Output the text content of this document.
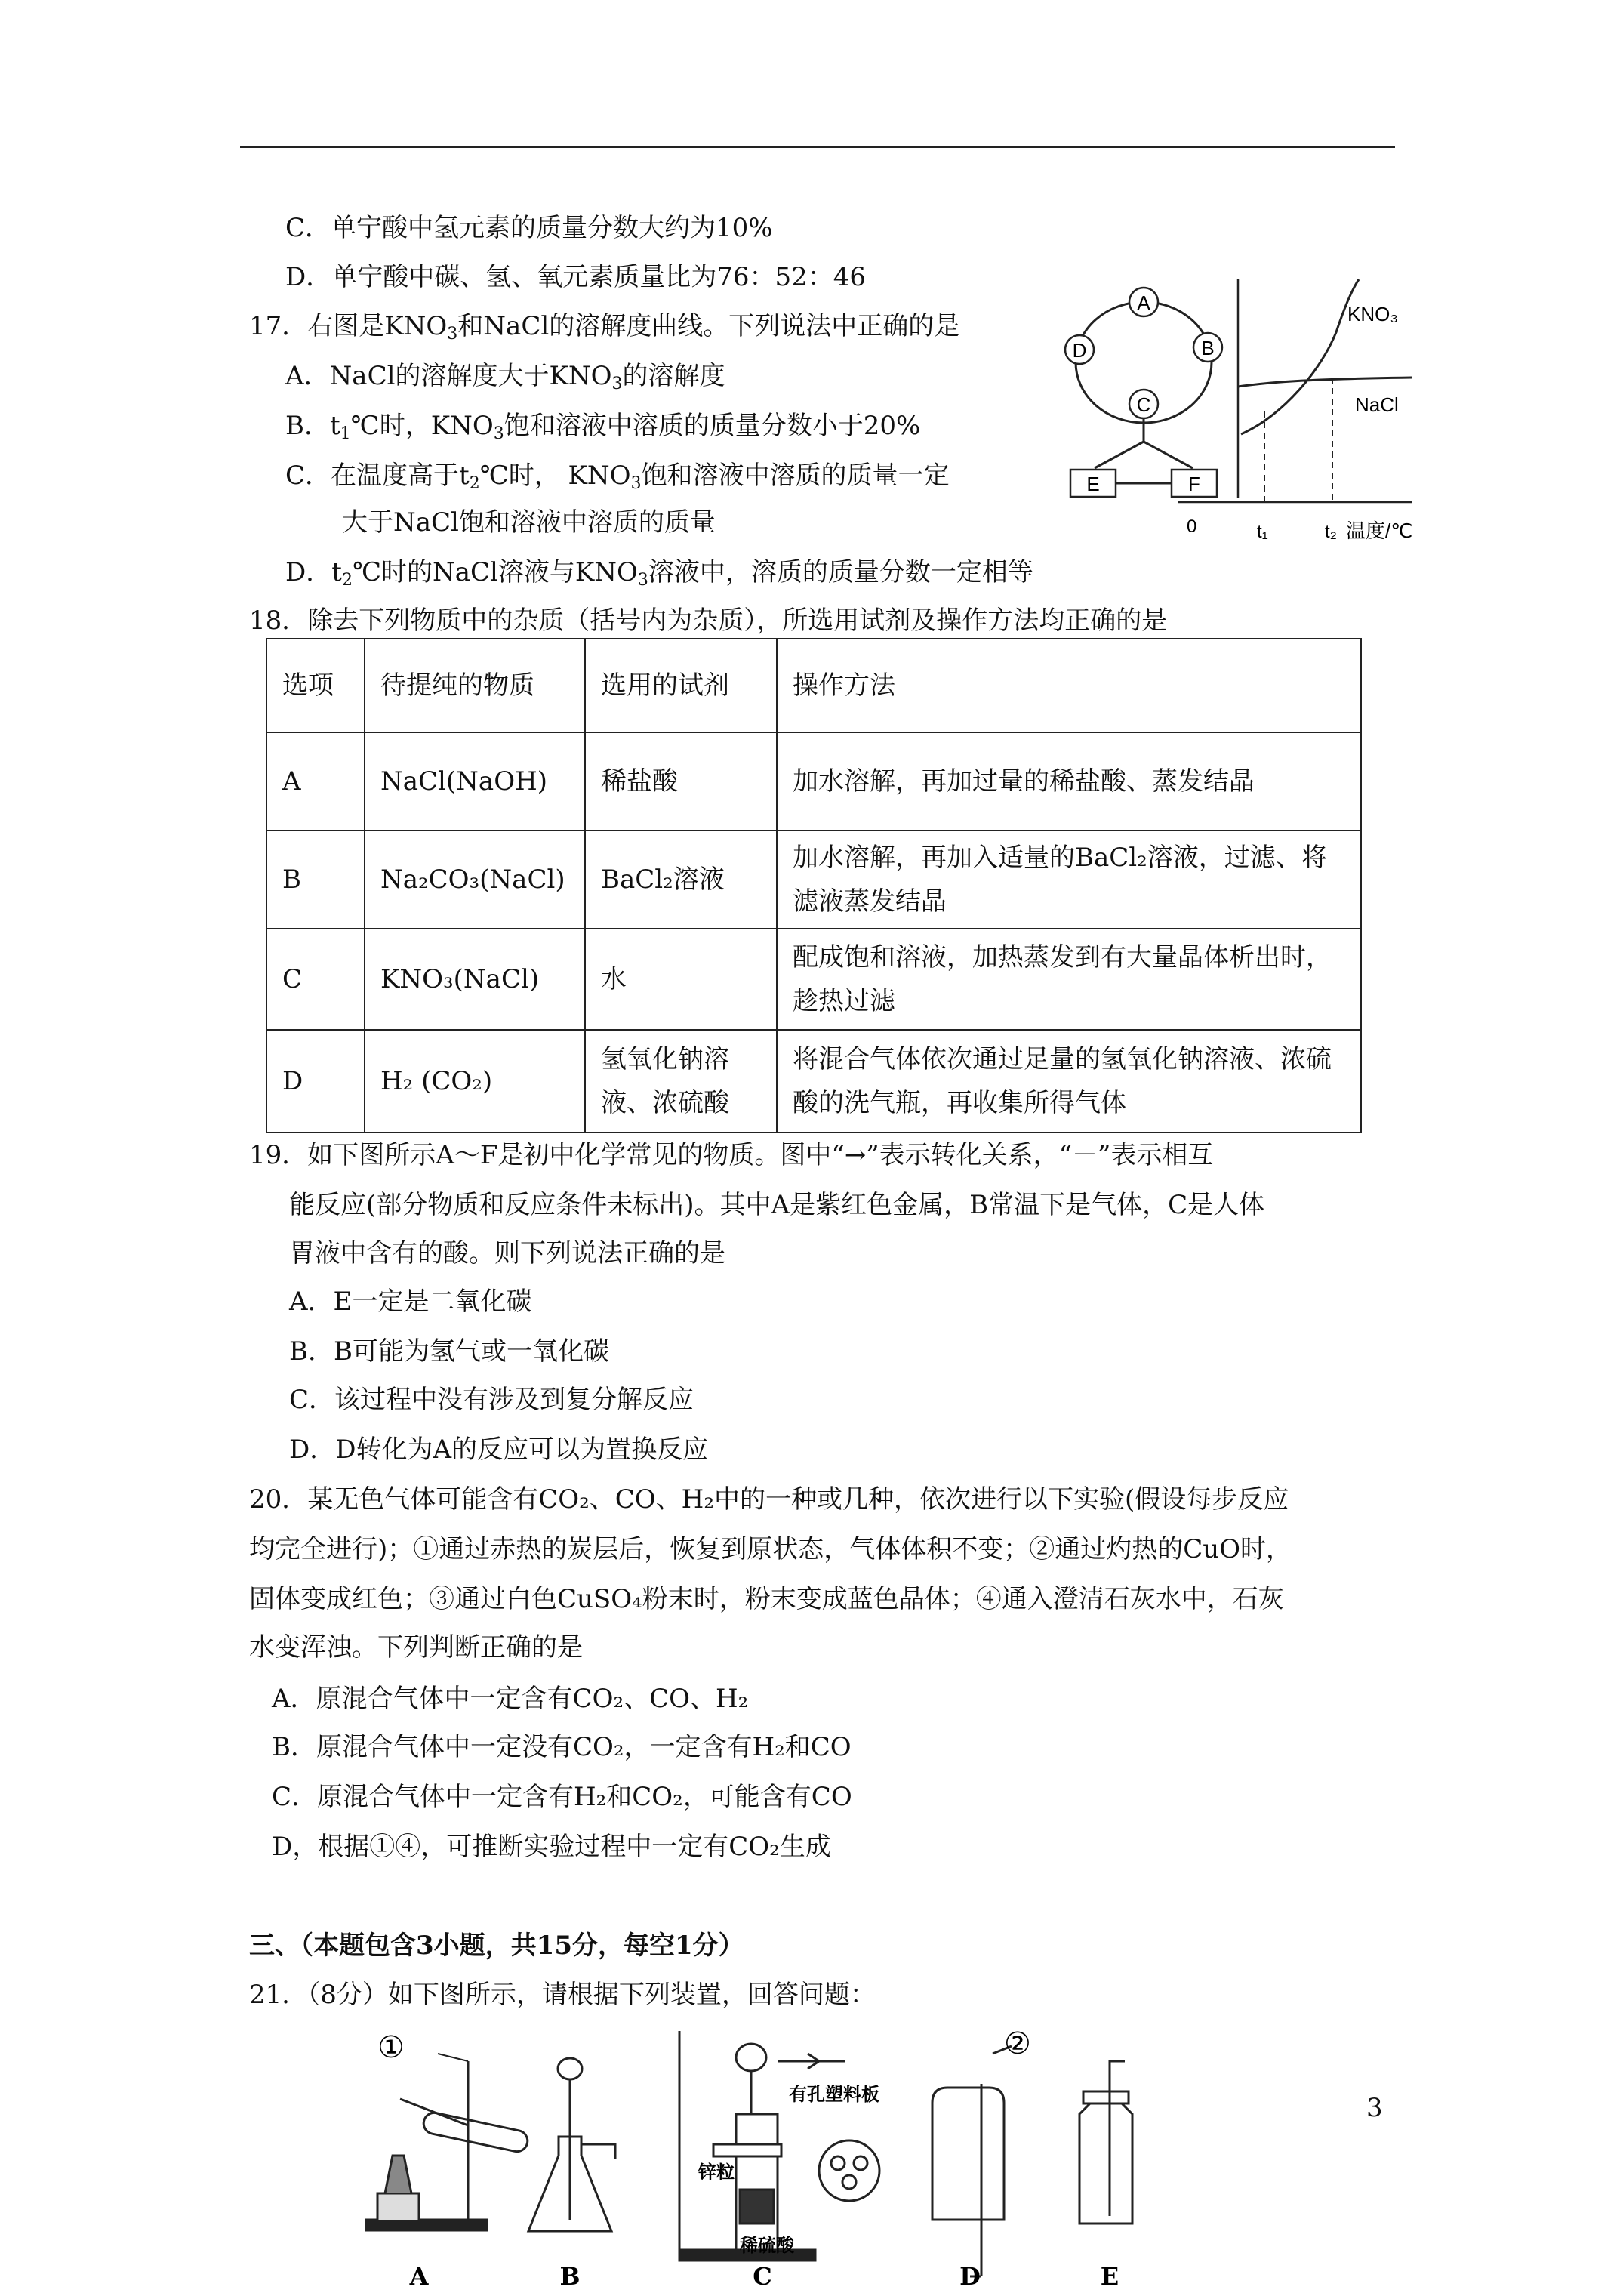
C．单宁酸中氢元素的质量分数大约为10%
D．单宁酸中碳、氢、氧元素质量比为76：52：46
17．右图是$KNO_3$和NaCl的溶解度曲线。下列说法中正确的是
A．NaCl的溶解度大于$KNO_3$的溶解度
B．$t_1℃$时，$KNO_3$饱和溶液中溶质的质量分数小于20%
C．在温度高于$t_2℃$时， $KNO_3$饱和溶液中溶质的质量一定
大于NaCl饱和溶液中溶质的质量
D．$t_2℃$时的NaCl溶液与$KNO_3$溶液中，溶质的质量分数一定相等
A
D	B
C
E	F
KNO₃
NaCl
0	t₁	t₂ 温度/℃
18．除去下列物质中的杂质（括号内为杂质），所选用试剂及操作方法均正确的是
选项	待提纯的物质	选用的试剂	操作方法
A	NaCl(NaOH)	稀盐酸	加水溶解，再加过量的稀盐酸、蒸发结晶
B	Na₂CO₃(NaCl)	BaCl₂溶液	加水溶解，再加入适量的BaCl₂溶液，过滤、将滤液蒸发结晶
C	KNO₃(NaCl)	水	配成饱和溶液，加热蒸发到有大量晶体析出时，趁热过滤
D	H₂ (CO₂)	氢氧化钠溶液、浓硫酸	将混合气体依次通过足量的氢氧化钠溶液、浓硫酸的洗气瓶，再收集所得气体
19．如下图所示A～F是初中化学常见的物质。图中“→”表示转化关系，“－”表示相互
能反应(部分物质和反应条件未标出)。其中A是紫红色金属，B常温下是气体，C是人体
胃液中含有的酸。则下列说法正确的是
A．E一定是二氧化碳
B．B可能为氢气或一氧化碳
C．该过程中没有涉及到复分解反应
D．D转化为A的反应可以为置换反应
20．某无色气体可能含有CO₂、CO、H₂中的一种或几种，依次进行以下实验(假设每步反应
均完全进行)；①通过赤热的炭层后，恢复到原状态，气体体积不变；②通过灼热的CuO时，
固体变成红色；③通过白色CuSO₄粉末时，粉末变成蓝色晶体；④通入澄清石灰水中，石灰
水变浑浊。下列判断正确的是
A．原混合气体中一定含有CO₂、CO、H₂
B．原混合气体中一定没有CO₂，一定含有H₂和CO
C．原混合气体中一定含有H₂和CO₂，可能含有CO
D，根据①④，可推断实验过程中一定有CO₂生成
三、（本题包含3小题，共15分，每空1分）
21．（8分）如下图所示，请根据下列装置，回答问题：
①	②
有孔塑料板
锌粒
稀硫酸
A	B	C	D	E
3
